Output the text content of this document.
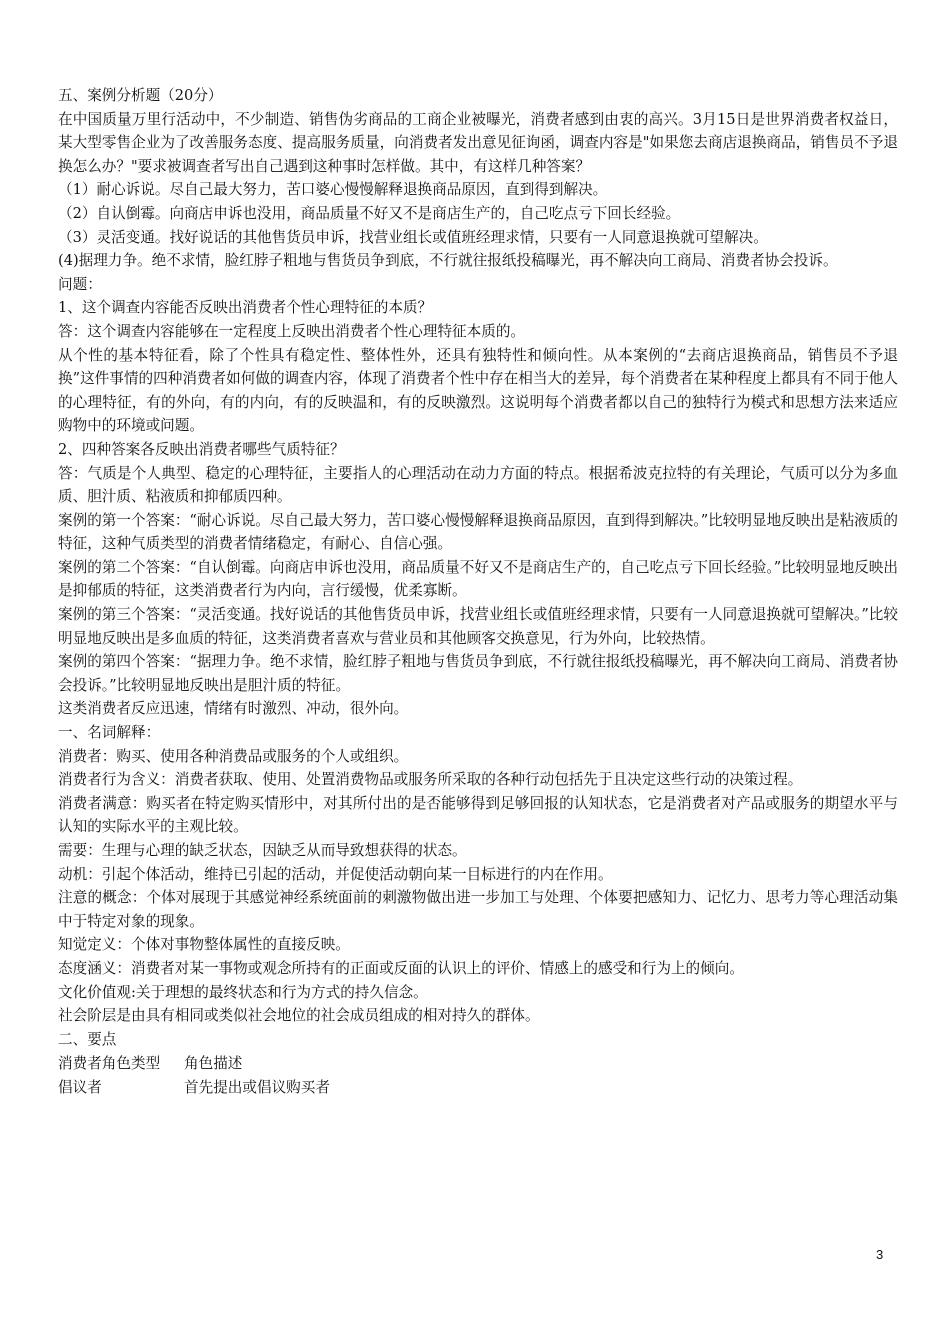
五、案例分析题（20分）

在中国质量万里行活动中，不少制造、销售伪劣商品的工商企业被曝光，消费者感到由衷的高兴。3月15日是世界消费者权益日，某大型零售企业为了改善服务态度、提高服务质量，向消费者发出意见征询函，调查内容是"如果您去商店退换商品，销售员不予退换怎么办？"要求被调查者写出自己遇到这种事时怎样做。其中，有这样几种答案？

（1）耐心诉说。尽自己最大努力，苦口婆心慢慢解释退换商品原因，直到得到解决。

（2）自认倒霉。向商店申诉也没用，商品质量不好又不是商店生产的，自己吃点亏下回长经验。

（3）灵活变通。找好说话的其他售货员申诉，找营业组长或值班经理求情，只要有一人同意退换就可望解决。

(4)据理力争。绝不求情，脸红脖子粗地与售货员争到底，不行就往报纸投稿曝光，再不解决向工商局、消费者协会投诉。

问题：

1、这个调查内容能否反映出消费者个性心理特征的本质？

答：这个调查内容能够在一定程度上反映出消费者个性心理特征本质的。

从个性的基本特征看，除了个性具有稳定性、整体性外，还具有独特性和倾向性。从本案例的“去商店退换商品，销售员不予退换”这件事情的四种消费者如何做的调查内容，体现了消费者个性中存在相当大的差异，每个消费者在某种程度上都具有不同于他人的心理特征，有的外向，有的内向，有的反映温和，有的反映激烈。这说明每个消费者都以自己的独特行为模式和思想方法来适应购物中的环境或问题。

2、四种答案各反映出消费者哪些气质特征？

答：气质是个人典型、稳定的心理特征，主要指人的心理活动在动力方面的特点。根据希波克拉特的有关理论，气质可以分为多血质、胆汁质、粘液质和抑郁质四种。

案例的第一个答案：“耐心诉说。尽自己最大努力，苦口婆心慢慢解释退换商品原因，直到得到解决。”比较明显地反映出是粘液质的特征，这种气质类型的消费者情绪稳定，有耐心、自信心强。

案例的第二个答案：“自认倒霉。向商店申诉也没用，商品质量不好又不是商店生产的，自己吃点亏下回长经验。”比较明显地反映出是抑郁质的特征，这类消费者行为内向，言行缓慢，优柔寡断。

案例的第三个答案：“灵活变通。找好说话的其他售货员申诉，找营业组长或值班经理求情，只要有一人同意退换就可望解决。”比较明显地反映出是多血质的特征，这类消费者喜欢与营业员和其他顾客交换意见，行为外向，比较热情。

案例的第四个答案：“据理力争。绝不求情，脸红脖子粗地与售货员争到底，不行就往报纸投稿曝光，再不解决向工商局、消费者协会投诉。”比较明显地反映出是胆汁质的特征。

这类消费者反应迅速，情绪有时激烈、冲动，很外向。

一、名词解释：

消费者：购买、使用各种消费品或服务的个人或组织。

消费者行为含义：消费者获取、使用、处置消费物品或服务所采取的各种行动包括先于且决定这些行动的决策过程。

消费者满意：购买者在特定购买情形中，对其所付出的是否能够得到足够回报的认知状态，它是消费者对产品或服务的期望水平与认知的实际水平的主观比较。

需要：生理与心理的缺乏状态，因缺乏从而导致想获得的状态。

动机：引起个体活动，维持已引起的活动，并促使活动朝向某一目标进行的内在作用。

注意的概念：个体对展现于其感觉神经系统面前的刺激物做出进一步加工与处理、个体要把感知力、记忆力、思考力等心理活动集中于特定对象的现象。

知觉定义：个体对事物整体属性的直接反映。

态度涵义：消费者对某一事物或观念所持有的正面或反面的认识上的评价、情感上的感受和行为上的倾向。

文化价值观:关于理想的最终状态和行为方式的持久信念。

社会阶层是由具有相同或类似社会地位的社会成员组成的相对持久的群体。

二、要点

消费者角色类型	角色描述
倡议者	首先提出或倡议购买者
3
